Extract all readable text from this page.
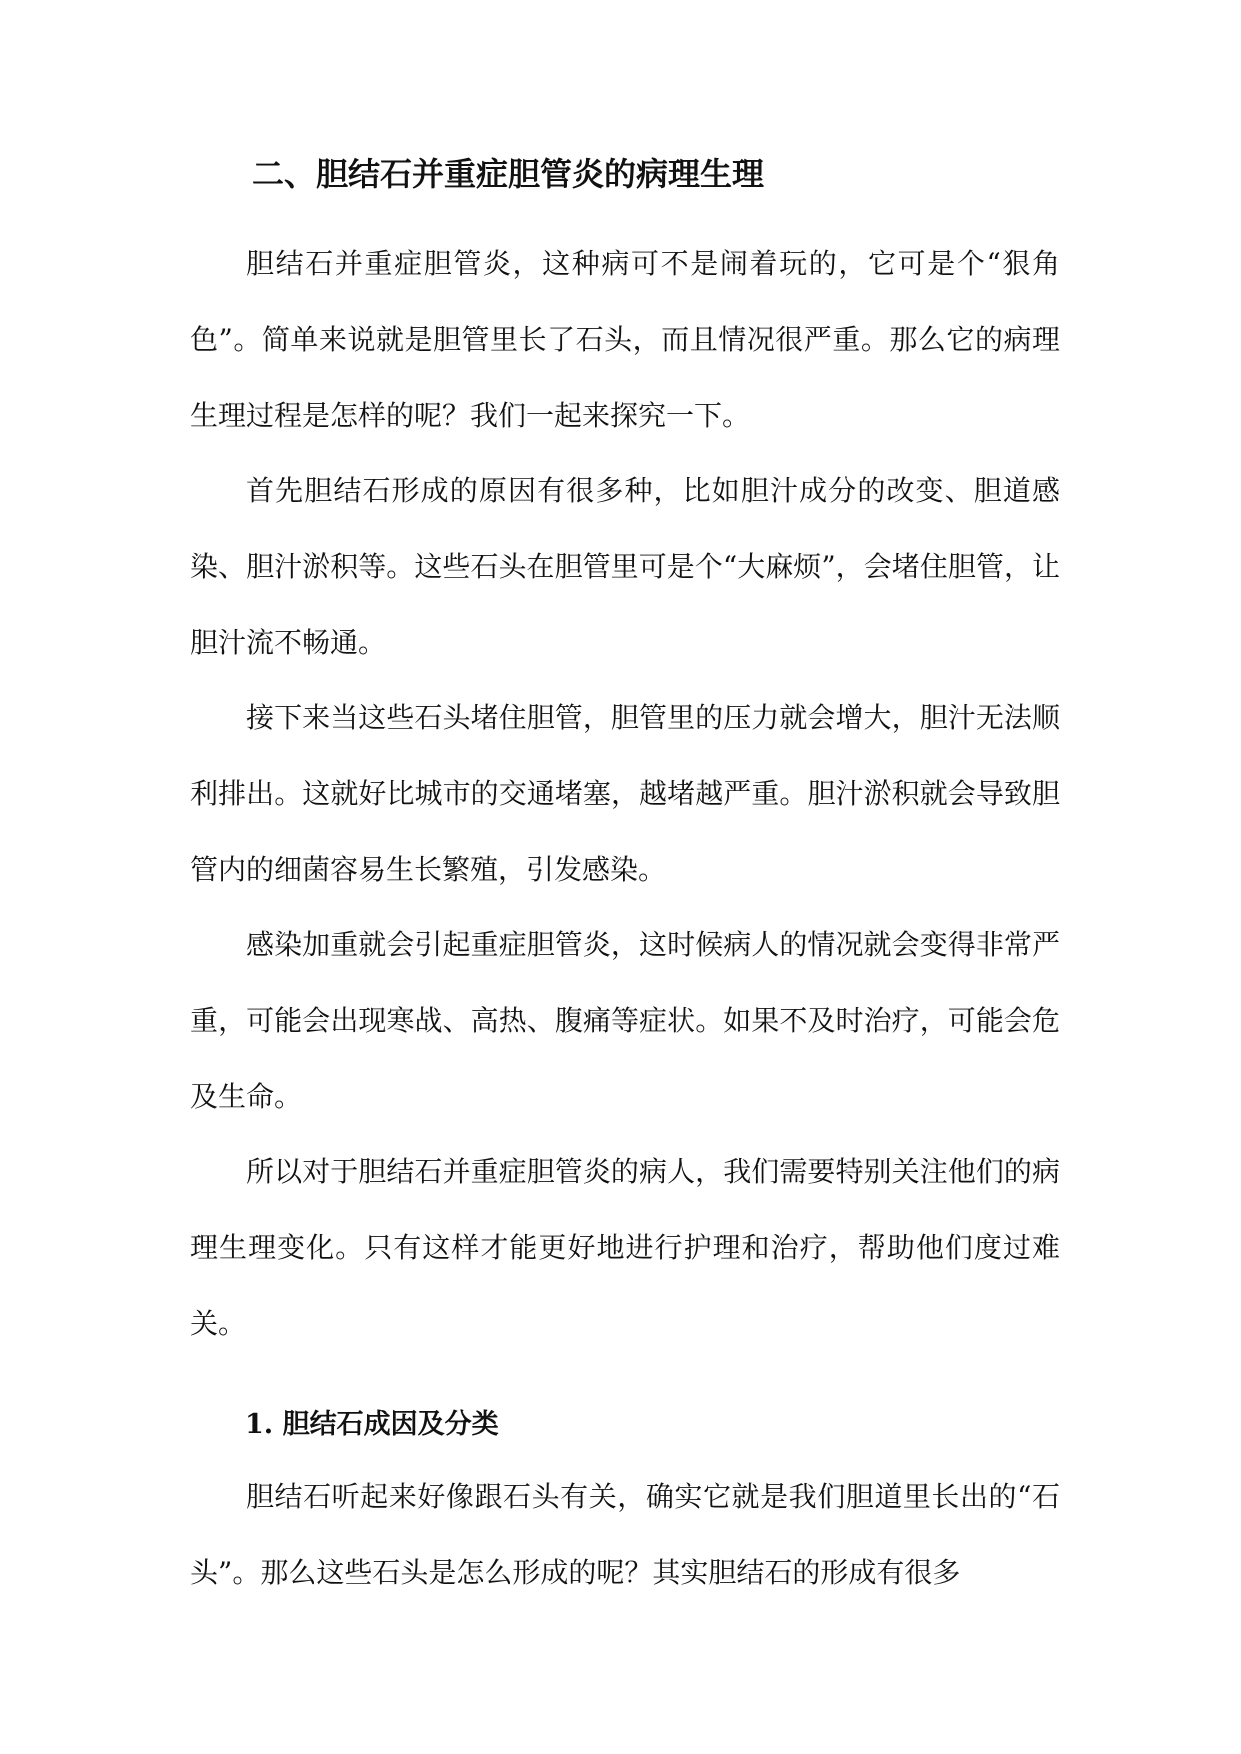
二、胆结石并重症胆管炎的病理生理

胆结石并重症胆管炎，这种病可不是闹着玩的，它可是个“狠角色”。简单来说就是胆管里长了石头，而且情况很严重。那么它的病理生理过程是怎样的呢？我们一起来探究一下。

首先胆结石形成的原因有很多种，比如胆汁成分的改变、胆道感染、胆汁淤积等。这些石头在胆管里可是个“大麻烦”，会堵住胆管，让胆汁流不畅通。

接下来当这些石头堵住胆管，胆管里的压力就会增大，胆汁无法顺利排出。这就好比城市的交通堵塞，越堵越严重。胆汁淤积就会导致胆管内的细菌容易生长繁殖，引发感染。

感染加重就会引起重症胆管炎，这时候病人的情况就会变得非常严重，可能会出现寒战、高热、腹痛等症状。如果不及时治疗，可能会危及生命。

所以对于胆结石并重症胆管炎的病人，我们需要特别关注他们的病理生理变化。只有这样才能更好地进行护理和治疗，帮助他们度过难关。

1. 胆结石成因及分类

胆结石听起来好像跟石头有关，确实它就是我们胆道里长出的“石头”。那么这些石头是怎么形成的呢？其实胆结石的形成有很多
